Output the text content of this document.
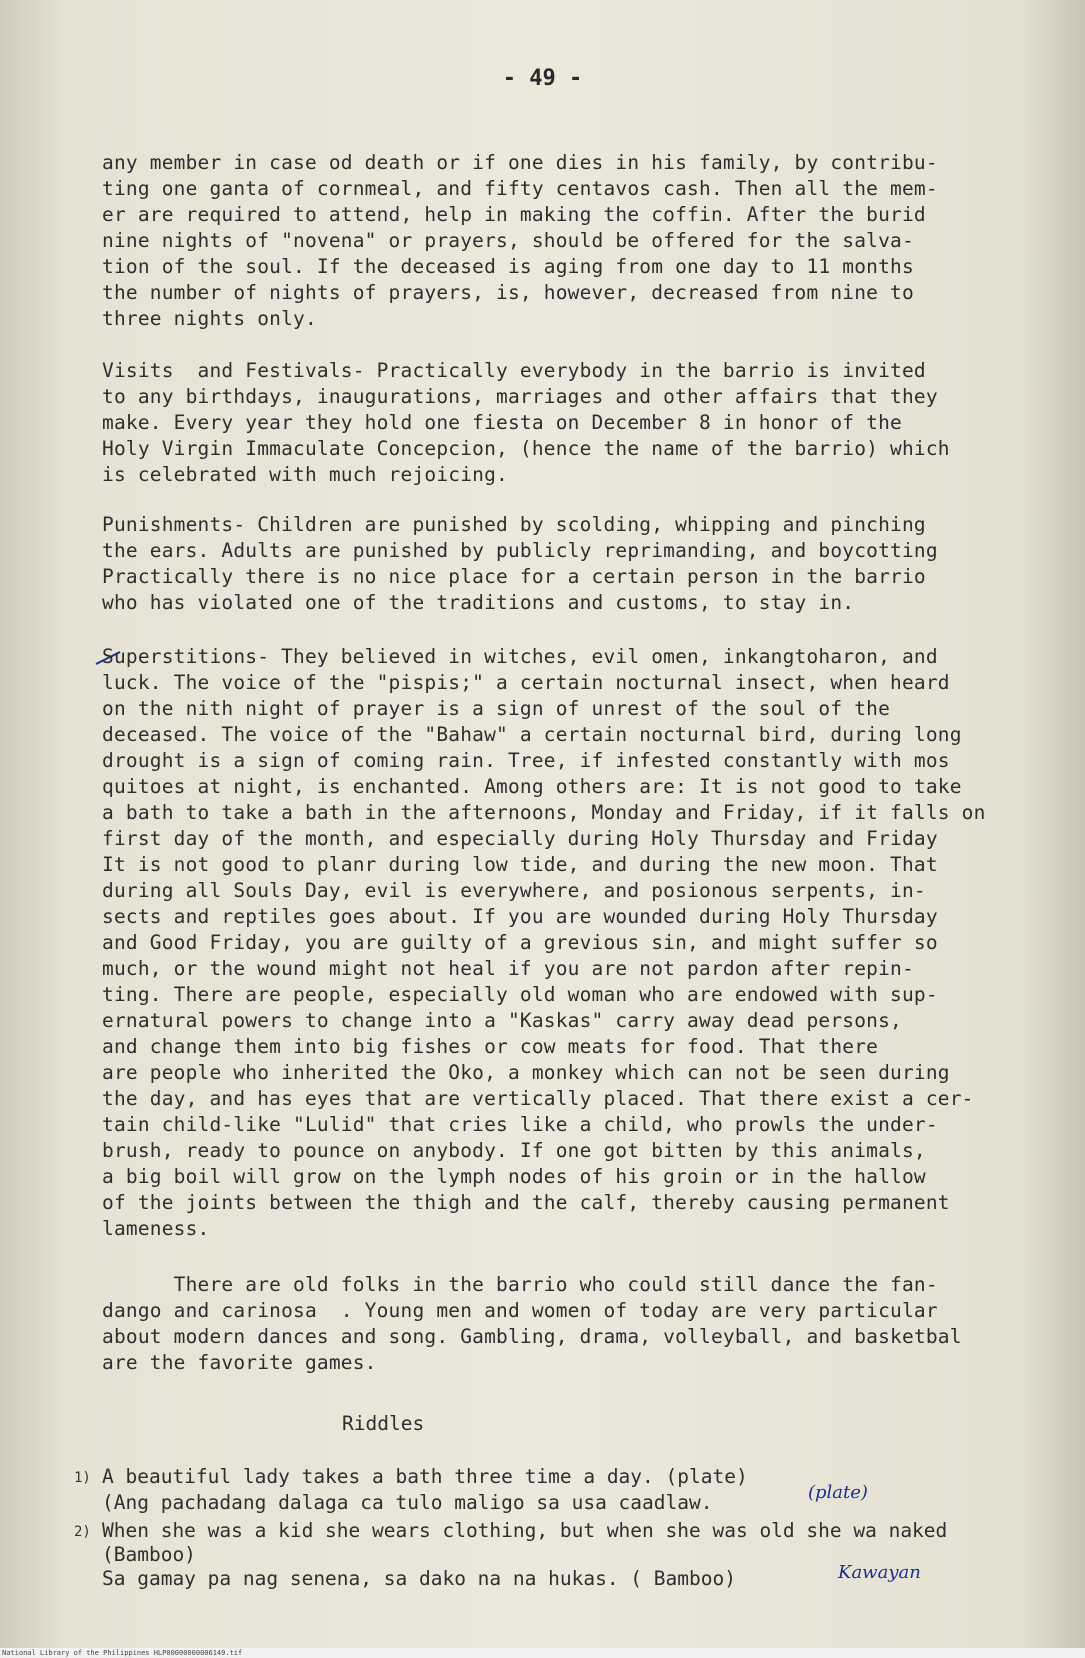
- 49 -

any member in case od death or if one dies in his family, by contribu-
ting one ganta of cornmeal, and fifty centavos cash. Then all the mem-
er are required to attend, help in making the coffin. After the burid
nine nights of "novena" or prayers, should be offered for the salva-
tion of the soul. If the deceased is aging from one day to 11 months
the number of nights of prayers, is, however, decreased from nine to
three nights only.

Visits  and Festivals- Practically everybody in the barrio is invited
to any birthdays, inaugurations, marriages and other affairs that they
make. Every year they hold one fiesta on December 8 in honor of the
Holy Virgin Immaculate Concepcion, (hence the name of the barrio) which
is celebrated with much rejoicing.

Punishments- Children are punished by scolding, whipping and pinching
the ears. Adults are punished by publicly reprimanding, and boycotting
Practically there is no nice place for a certain person in the barrio
who has violated one of the traditions and customs, to stay in.

Superstitions- They believed in witches, evil omen, inkangtoharon, and
luck. The voice of the "pispis;" a certain nocturnal insect, when heard
on the nith night of prayer is a sign of unrest of the soul of the
deceased. The voice of the "Bahaw" a certain nocturnal bird, during long
drought is a sign of coming rain. Tree, if infested constantly with mos
quitoes at night, is enchanted. Among others are: It is not good to take
a bath to take a bath in the afternoons, Monday and Friday, if it falls on
first day of the month, and especially during Holy Thursday and Friday
It is not good to planr during low tide, and during the new moon. That
during all Souls Day, evil is everywhere, and posionous serpents, in-
sects and reptiles goes about. If you are wounded during Holy Thursday
and Good Friday, you are guilty of a grevious sin, and might suffer so
much, or the wound might not heal if you are not pardon after repin-
ting. There are people, especially old woman who are endowed with sup-
ernatural powers to change into a "Kaskas" carry away dead persons,
and change them into big fishes or cow meats for food. That there
are people who inherited the Oko, a monkey which can not be seen during
the day, and has eyes that are vertically placed. That there exist a cer-
tain child-like "Lulid" that cries like a child, who prowls the under-
brush, ready to pounce on anybody. If one got bitten by this animals,
a big boil will grow on the lymph nodes of his groin or in the hallow
of the joints between the thigh and the calf, thereby causing permanent
lameness.

There are old folks in the barrio who could still dance the fan-
dango and carinosa  . Young men and women of today are very particular
about modern dances and song. Gambling, drama, volleyball, and basketbal
are the favorite games.

Riddles
1) A beautiful lady takes a bath three time a day. (plate)
(Ang pachadang dalaga ca tulo maligo sa usa caadlaw.	(plate)
2) When she was a kid she wears clothing, but when she was old she wa naked
(Bamboo)
Sa gamay pa nag senena, sa dako na na hukas. ( Bamboo)	Kawayan
National Library of the Philippines HLP00000000006149.tif
